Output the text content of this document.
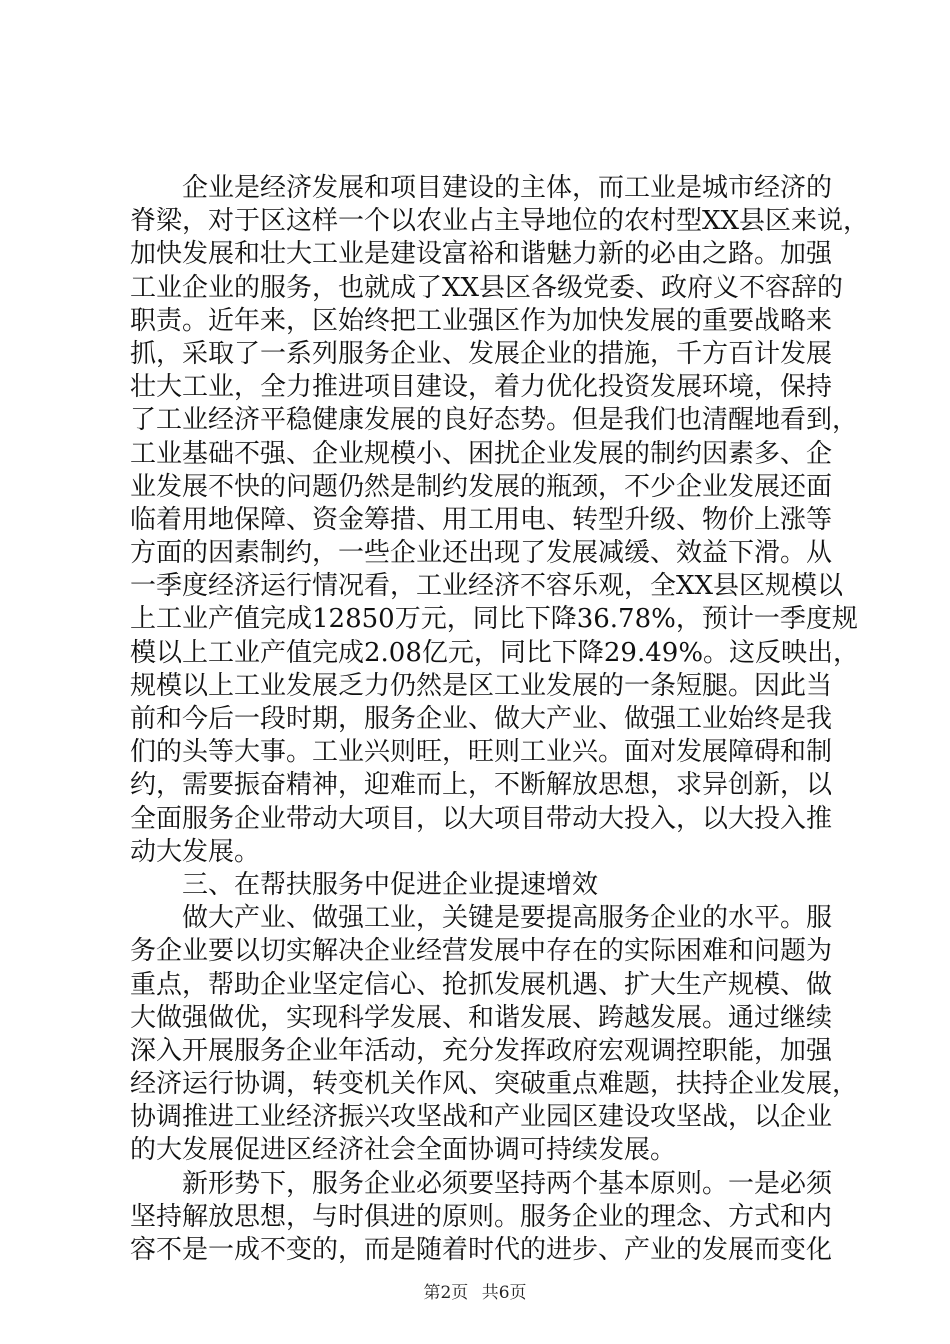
企业是经济发展和项目建设的主体，而工业是城市经济的
脊梁，对于区这样一个以农业占主导地位的农村型XX县区来说，
加快发展和壮大工业是建设富裕和谐魅力新的必由之路。加强
工业企业的服务，也就成了XX县区各级党委、政府义不容辞的
职责。近年来，区始终把工业强区作为加快发展的重要战略来
抓，采取了一系列服务企业、发展企业的措施，千方百计发展
壮大工业，全力推进项目建设，着力优化投资发展环境，保持
了工业经济平稳健康发展的良好态势。但是我们也清醒地看到，
工业基础不强、企业规模小、困扰企业发展的制约因素多、企
业发展不快的问题仍然是制约发展的瓶颈，不少企业发展还面
临着用地保障、资金筹措、用工用电、转型升级、物价上涨等
方面的因素制约，一些企业还出现了发展减缓、效益下滑。从
一季度经济运行情况看，工业经济不容乐观，全XX县区规模以
上工业产值完成12850万元，同比下降36.78%，预计一季度规
模以上工业产值完成2.08亿元，同比下降29.49%。这反映出，
规模以上工业发展乏力仍然是区工业发展的一条短腿。因此当
前和今后一段时期，服务企业、做大产业、做强工业始终是我
们的头等大事。工业兴则旺，旺则工业兴。面对发展障碍和制
约，需要振奋精神，迎难而上，不断解放思想，求异创新，以
全面服务企业带动大项目，以大项目带动大投入，以大投入推
动大发展。
三、在帮扶服务中促进企业提速增效
做大产业、做强工业，关键是要提高服务企业的水平。服
务企业要以切实解决企业经营发展中存在的实际困难和问题为
重点，帮助企业坚定信心、抢抓发展机遇、扩大生产规模、做
大做强做优，实现科学发展、和谐发展、跨越发展。通过继续
深入开展服务企业年活动，充分发挥政府宏观调控职能，加强
经济运行协调，转变机关作风、突破重点难题，扶持企业发展，
协调推进工业经济振兴攻坚战和产业园区建设攻坚战，以企业
的大发展促进区经济社会全面协调可持续发展。
新形势下，服务企业必须要坚持两个基本原则。一是必须
坚持解放思想，与时俱进的原则。服务企业的理念、方式和内
容不是一成不变的，而是随着时代的进步、产业的发展而变化
第2页 共6页
